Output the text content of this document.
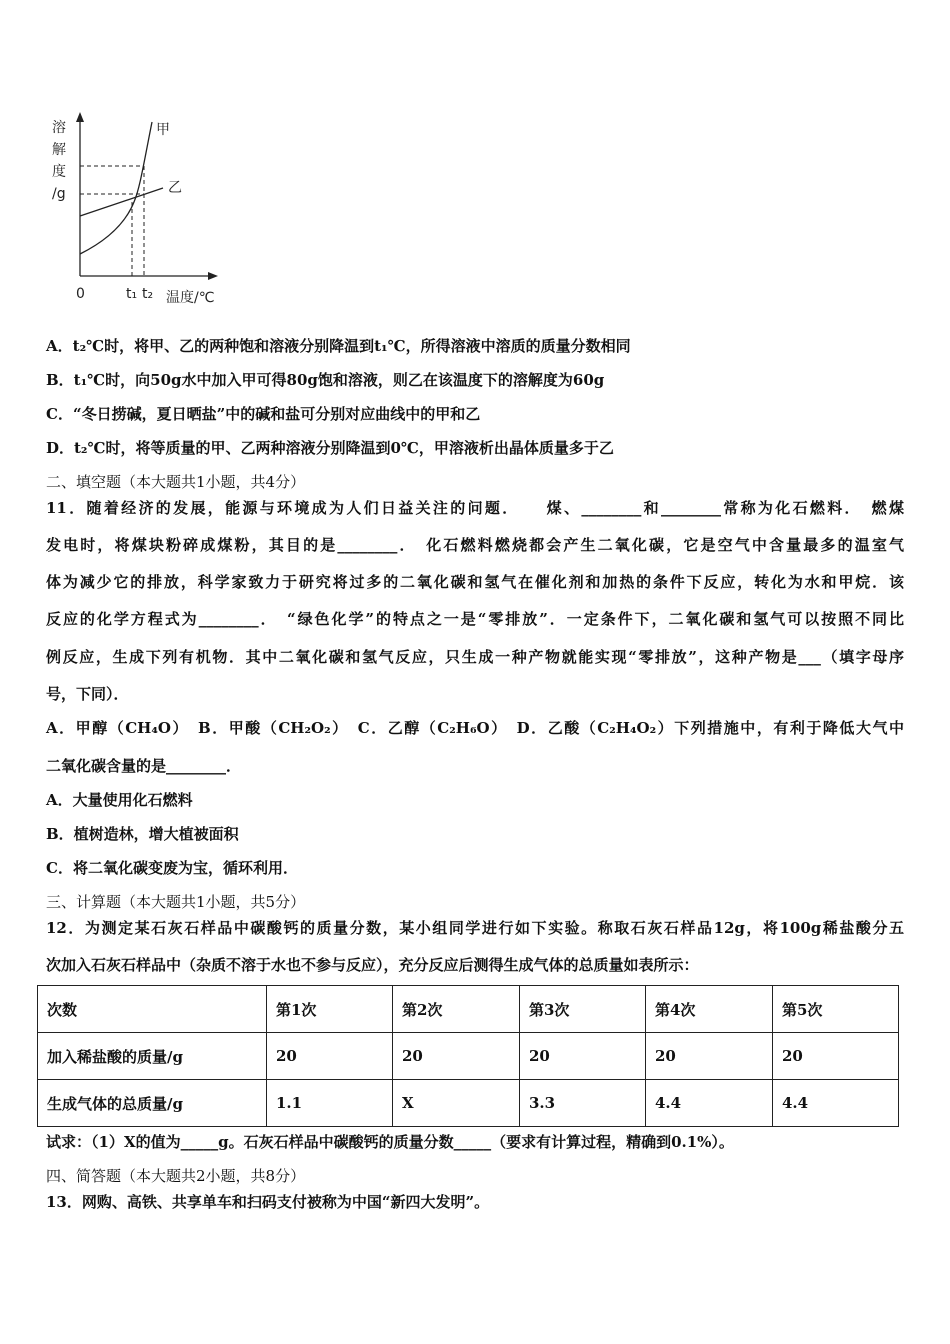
溶
解
度
/g
甲
乙
0	t₁ t₂ 温度/℃
A．t₂℃时，将甲、乙的两种饱和溶液分别降温到t₁℃，所得溶液中溶质的质量分数相同
B．t₁℃时，向50g水中加入甲可得80g饱和溶液，则乙在该温度下的溶解度为60g
C．“冬日捞碱，夏日晒盐”中的碱和盐可分别对应曲线中的甲和乙
D．t₂℃时，将等质量的甲、乙两种溶液分别降温到0℃，甲溶液析出晶体质量多于乙
二、填空题（本大题共1小题，共4分）
11．随着经济的发展，能源与环境成为人们日益关注的问题．　　煤、________和________常称为化石燃料．　燃煤
发电时，将煤块粉碎成煤粉，其目的是________．　化石燃料燃烧都会产生二氧化碳，它是空气中含量最多的温室气
体为减少它的排放，科学家致力于研究将过多的二氧化碳和氢气在催化剂和加热的条件下反应，转化为水和甲烷．该
反应的化学方程式为________．　“绿色化学”的特点之一是“零排放”．一定条件下，二氧化碳和氢气可以按照不同比
例反应，生成下列有机物．其中二氧化碳和氢气反应，只生成一种产物就能实现“零排放”，这种产物是___（填字母序
号，下同）．
A．甲醇（CH₄O）　B．甲酸（CH₂O₂）　C．乙醇（C₂H₆O）　D．乙酸（C₂H₄O₂）下列措施中，有利于降低大气中
二氧化碳含量的是________．
A．大量使用化石燃料
B．植树造林，增大植被面积
C．将二氧化碳变废为宝，循环利用．
三、计算题（本大题共1小题，共5分）
12．为测定某石灰石样品中碳酸钙的质量分数，某小组同学进行如下实验。称取石灰石样品12g，将100g稀盐酸分五
次加入石灰石样品中（杂质不溶于水也不参与反应），充分反应后测得生成气体的总质量如表所示：
次数	第1次	第2次	第3次	第4次	第5次
加入稀盐酸的质量/g	20	20	20	20	20
生成气体的总质量/g	1.1	X	3.3	4.4	4.4
试求：（1）X的值为_____g。石灰石样品中碳酸钙的质量分数_____（要求有计算过程，精确到0.1%）。
四、简答题（本大题共2小题，共8分）
13．网购、高铁、共享单车和扫码支付被称为中国“新四大发明”。
